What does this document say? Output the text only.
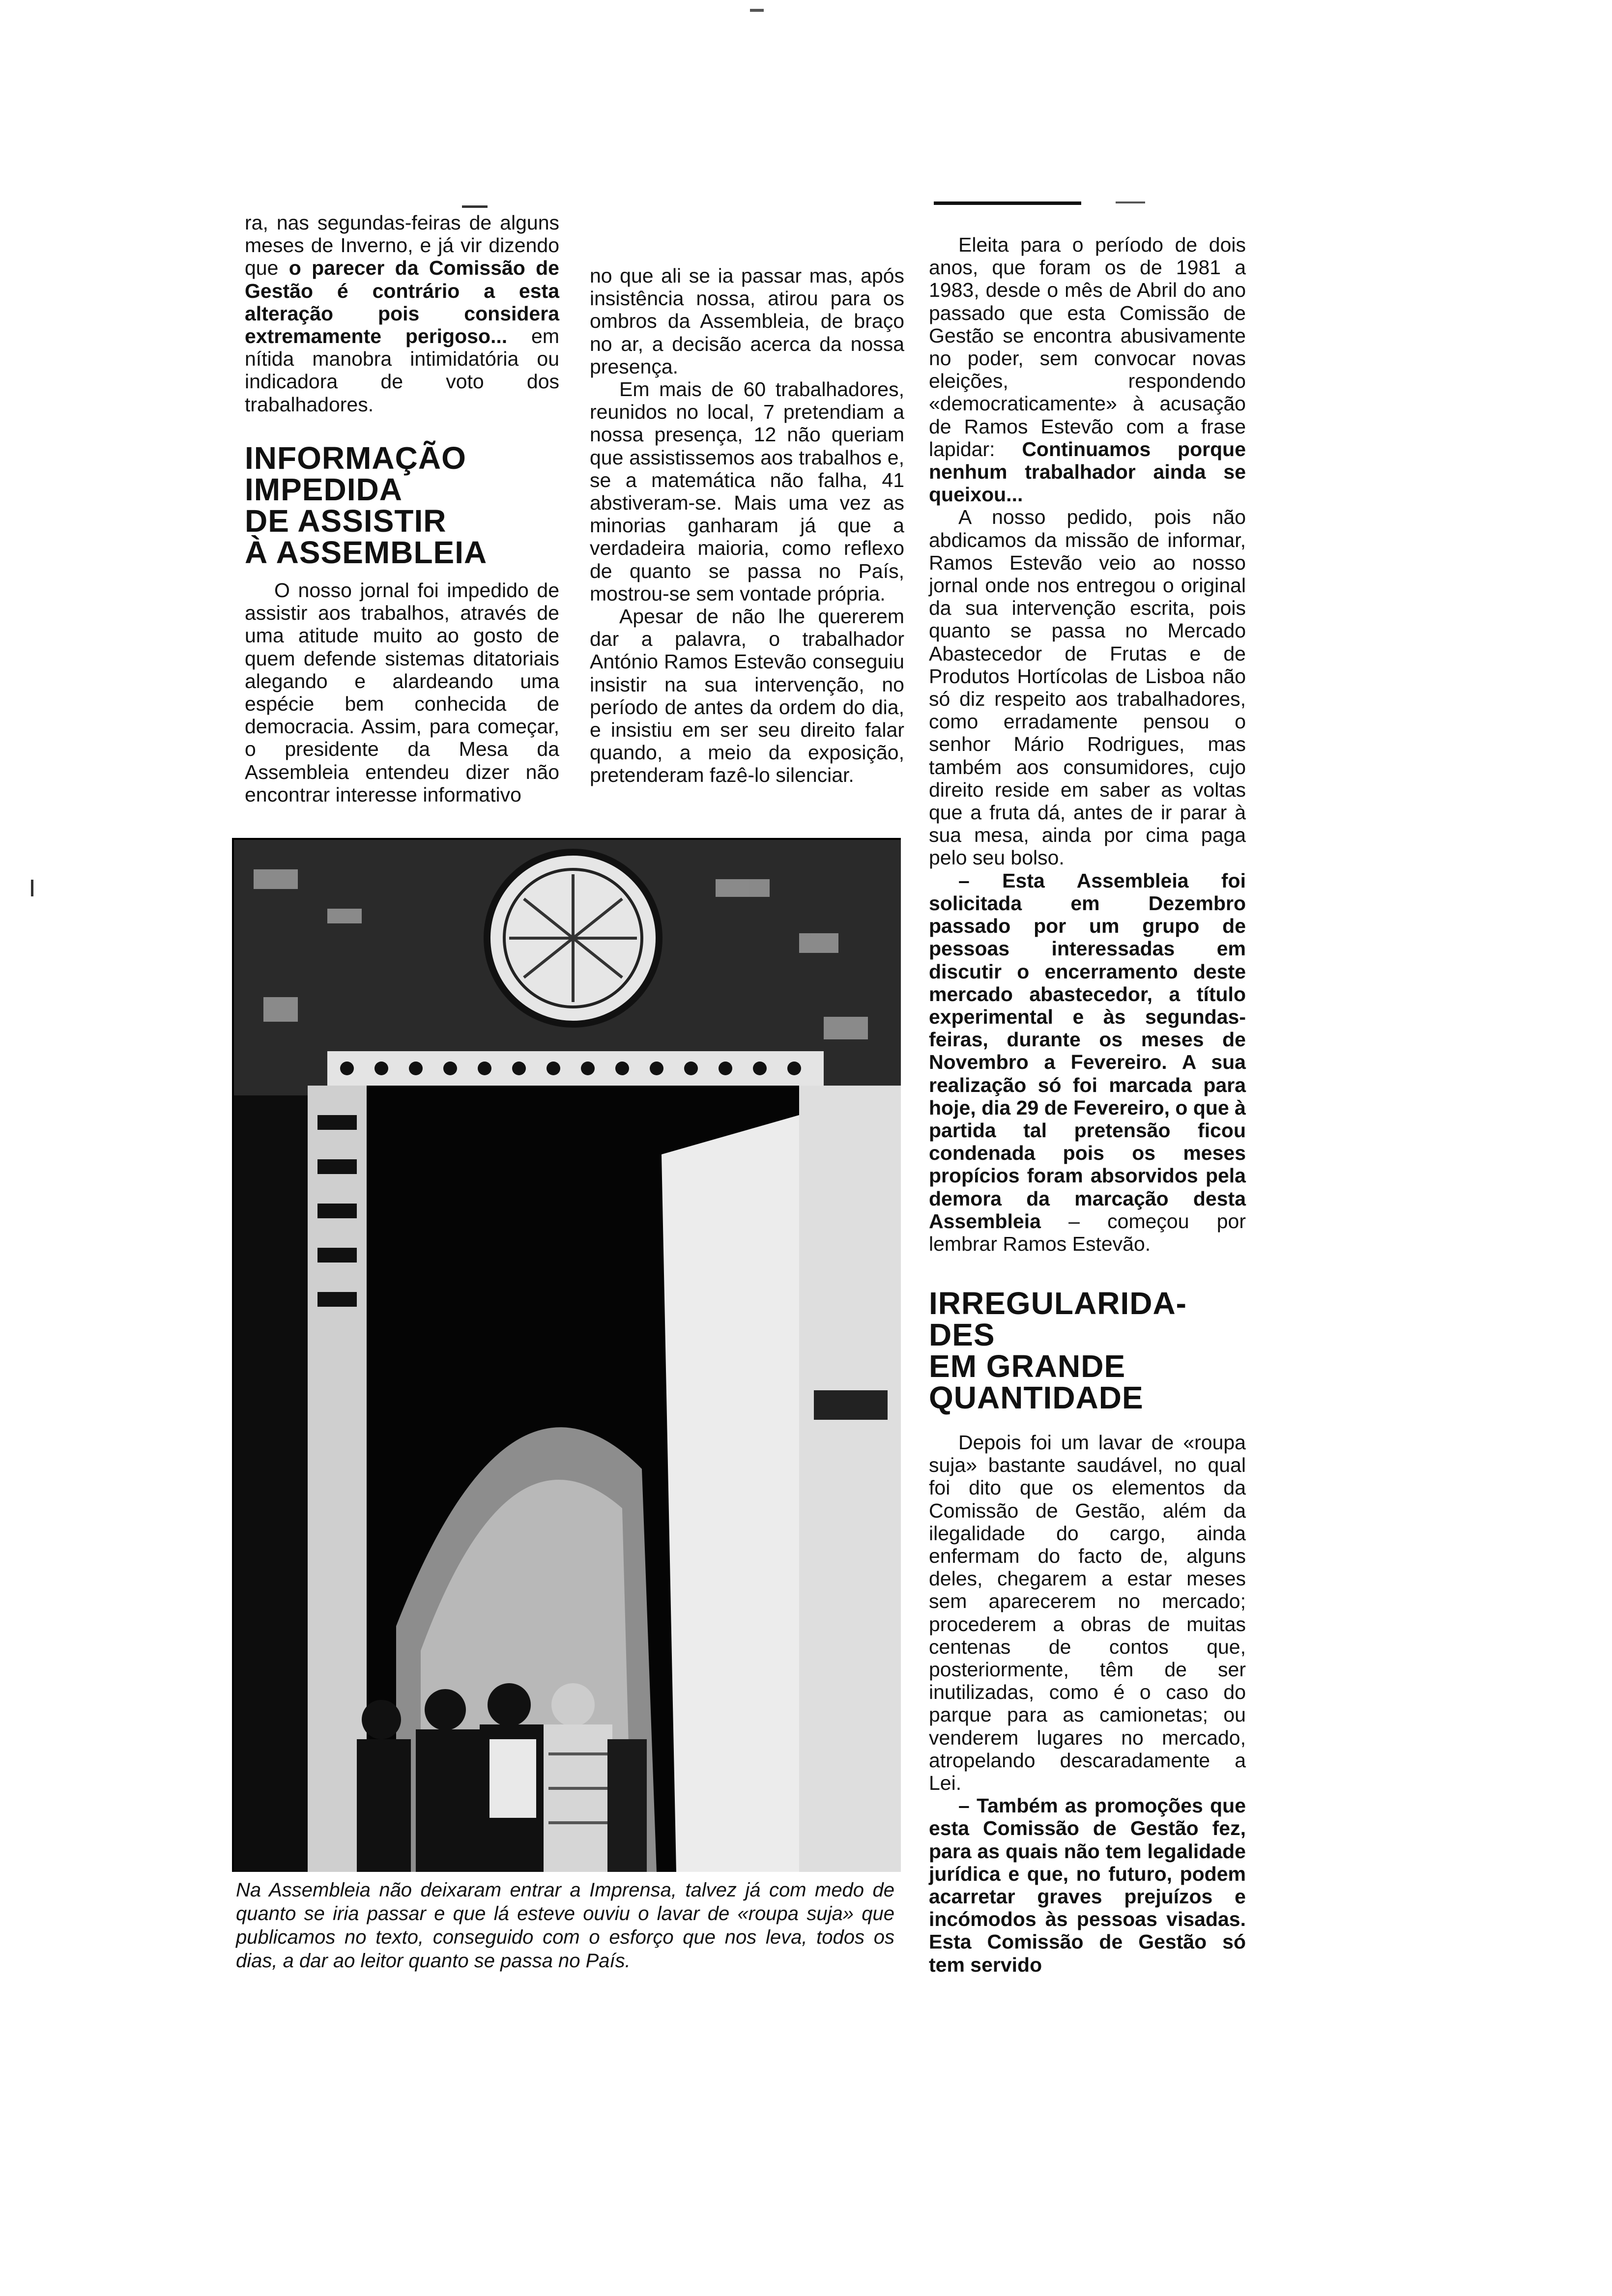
ra, nas segundas-feiras de alguns meses de Inverno, e já vir dizendo que o parecer da Comissão de Gestão é contrário a esta alteração pois considera extremamente perigoso... em nítida manobra intimidatória ou indicadora de voto dos trabalhadores.

INFORMAÇÃO
IMPEDIDA
DE ASSISTIR
À ASSEMBLEIA

O nosso jornal foi impedido de assistir aos trabalhos, através de uma atitude muito ao gosto de quem defende sistemas ditatoriais alegando e alardeando uma espécie bem conhecida de democracia. Assim, para começar, o presidente da Mesa da Assembleia entendeu dizer não encontrar interesse informativo

no que ali se ia passar mas, após insistência nossa, atirou para os ombros da Assembleia, de braço no ar, a decisão acerca da nossa presença.

Em mais de 60 trabalhadores, reunidos no local, 7 pretendiam a nossa presença, 12 não queriam que assistissemos aos trabalhos e, se a matemática não falha, 41 abstiveram-se. Mais uma vez as minorias ganharam já que a verdadeira maioria, como reflexo de quanto se passa no País, mostrou-se sem vontade própria.

Apesar de não lhe quererem dar a palavra, o trabalhador António Ramos Estevão conseguiu insistir na sua intervenção, no período de antes da ordem do dia, e insistiu em ser seu direito falar quando, a meio da exposição, pretenderam fazê-lo silenciar.

Na Assembleia não deixaram entrar a Imprensa, talvez já com medo de quanto se iria passar e que lá esteve ouviu o lavar de «roupa suja» que publicamos no texto, conseguido com o esforço que nos leva, todos os dias, a dar ao leitor quanto se passa no País.

Eleita para o período de dois anos, que foram os de 1981 a 1983, desde o mês de Abril do ano passado que esta Comissão de Gestão se encontra abusivamente no poder, sem convocar novas eleições, respondendo «democraticamente» à acusação de Ramos Estevão com a frase lapidar: Continuamos porque nenhum trabalhador ainda se queixou...

A nosso pedido, pois não abdicamos da missão de informar, Ramos Estevão veio ao nosso jornal onde nos entregou o original da sua intervenção escrita, pois quanto se passa no Mercado Abastecedor de Frutas e de Produtos Hortícolas de Lisboa não só diz respeito aos trabalhadores, como erradamente pensou o senhor Mário Rodrigues, mas também aos consumidores, cujo direito reside em saber as voltas que a fruta dá, antes de ir parar à sua mesa, ainda por cima paga pelo seu bolso.

– Esta Assembleia foi solicitada em Dezembro passado por um grupo de pessoas interessadas em discutir o encerramento deste mercado abastecedor, a título experimental e às segundas-feiras, durante os meses de Novembro a Fevereiro. A sua realização só foi marcada para hoje, dia 29 de Fevereiro, o que à partida tal pretensão ficou condenada pois os meses propícios foram absorvidos pela demora da marcação desta Assembleia – começou por lembrar Ramos Estevão.

IRREGULARIDA-
DES
EM GRANDE
QUANTIDADE

Depois foi um lavar de «roupa suja» bastante saudável, no qual foi dito que os elementos da Comissão de Gestão, além da ilegalidade do cargo, ainda enfermam do facto de, alguns deles, chegarem a estar meses sem aparecerem no mercado; procederem a obras de muitas centenas de contos que, posteriormente, têm de ser inutilizadas, como é o caso do parque para as camionetas; ou venderem lugares no mercado, atropelando descaradamente a Lei.

– Também as promoções que esta Comissão de Gestão fez, para as quais não tem legalidade jurídica e que, no futuro, podem acarretar graves prejuízos e incómodos às pessoas visadas. Esta Comissão de Gestão só tem servido
